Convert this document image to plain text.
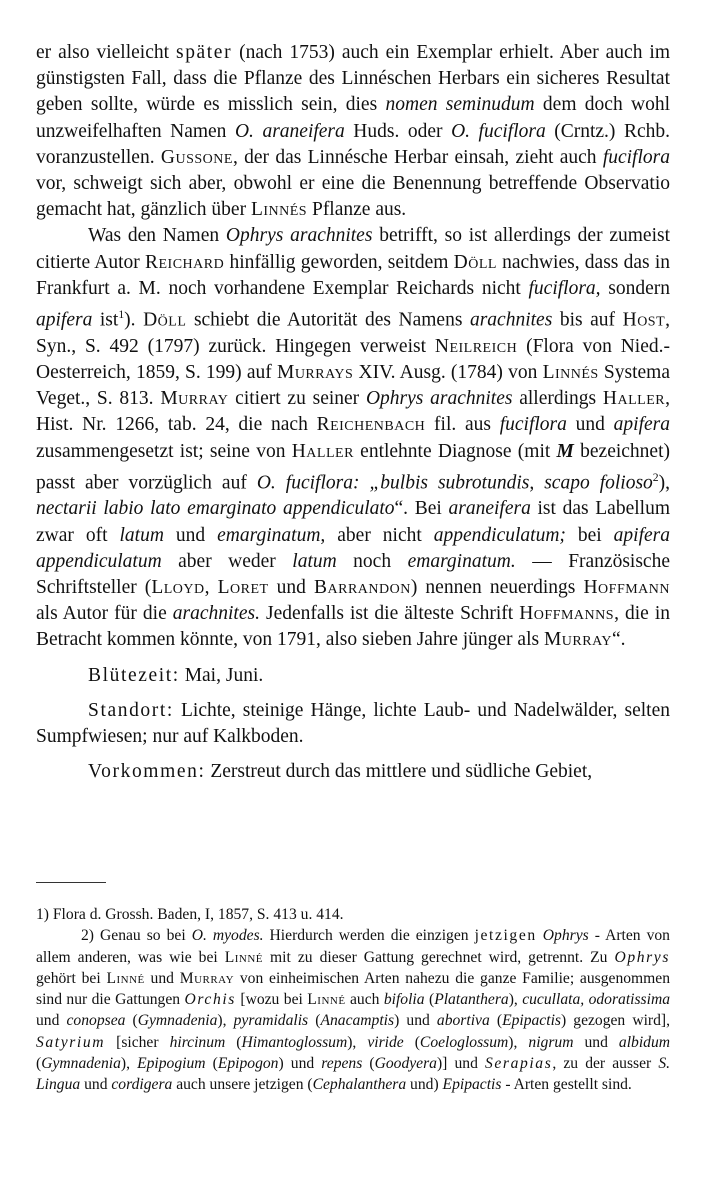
er also vielleicht später (nach 1753) auch ein Exemplar erhielt. Aber auch im günstigsten Fall, dass die Pflanze des Linnéschen Herbars ein sicheres Resultat geben sollte, würde es misslich sein, dies nomen seminudum dem doch wohl unzweifelhaften Namen O. araneifera Huds. oder O. fuciflora (Crntz.) Rchb. voranzustellen. Gussone, der das Linnésche Herbar einsah, zieht auch fuciflora vor, schweigt sich aber, obwohl er eine die Benennung betreffende Observatio gemacht hat, gänzlich über Linnés Pflanze aus.

Was den Namen Ophrys arachnites betrifft, so ist allerdings der zumeist citierte Autor Reichard hinfällig geworden, seitdem Döll nachwies, dass das in Frankfurt a. M. noch vorhandene Exemplar Reichards nicht fuciflora, sondern apifera ist$^1$). Döll schiebt die Autorität des Namens arachnites bis auf Host, Syn., S. 492 (1797) zurück. Hingegen verweist Neilreich (Flora von Nied.-Oesterreich, 1859, S. 199) auf Murrays XIV. Ausg. (1784) von Linnés Systema Veget., S. 813. Murray citiert zu seiner Ophrys arachnites allerdings Haller, Hist. Nr. 1266, tab. 24, die nach Reichenbach fil. aus fuciflora und apifera zusammengesetzt ist; seine von Haller entlehnte Diagnose (mit M bezeichnet) passt aber vorzüglich auf O. fuciflora: „bulbis subrotundis, scapo folioso$^2$), nectarii labio lato emarginato appendiculato“. Bei araneifera ist das Labellum zwar oft latum und emarginatum, aber nicht appendiculatum; bei apifera appendiculatum aber weder latum noch emarginatum. — Französische Schriftsteller (Lloyd, Loret und Barrandon) nennen neuerdings Hoffmann als Autor für die arachnites. Jedenfalls ist die älteste Schrift Hoffmanns, die in Betracht kommen könnte, von 1791, also sieben Jahre jünger als Murray“.

Blütezeit: Mai, Juni.

Standort: Lichte, steinige Hänge, lichte Laub- und Nadelwälder, selten Sumpfwiesen; nur auf Kalkboden.

Vorkommen: Zerstreut durch das mittlere und südliche Gebiet,

1) Flora d. Grossh. Baden, I, 1857, S. 413 u. 414.

2) Genau so bei O. myodes. Hierdurch werden die einzigen jetzigen Ophrys - Arten von allem anderen, was wie bei Linné mit zu dieser Gattung gerechnet wird, getrennt. Zu Ophrys gehört bei Linné und Murray von einheimischen Arten nahezu die ganze Familie; ausgenommen sind nur die Gattungen Orchis [wozu bei Linné auch bifolia (Platanthera), cucullata, odoratissima und conopsea (Gymnadenia), pyramidalis (Anacamptis) und abortiva (Epipactis) gezogen wird], Satyrium [sicher hircinum (Himantoglossum), viride (Coeloglossum), nigrum und albidum (Gymnadenia), Epipogium (Epipogon) und repens (Goodyera)] und Serapias, zu der ausser S. Lingua und cordigera auch unsere jetzigen (Cephalanthera und) Epipactis - Arten gestellt sind.
